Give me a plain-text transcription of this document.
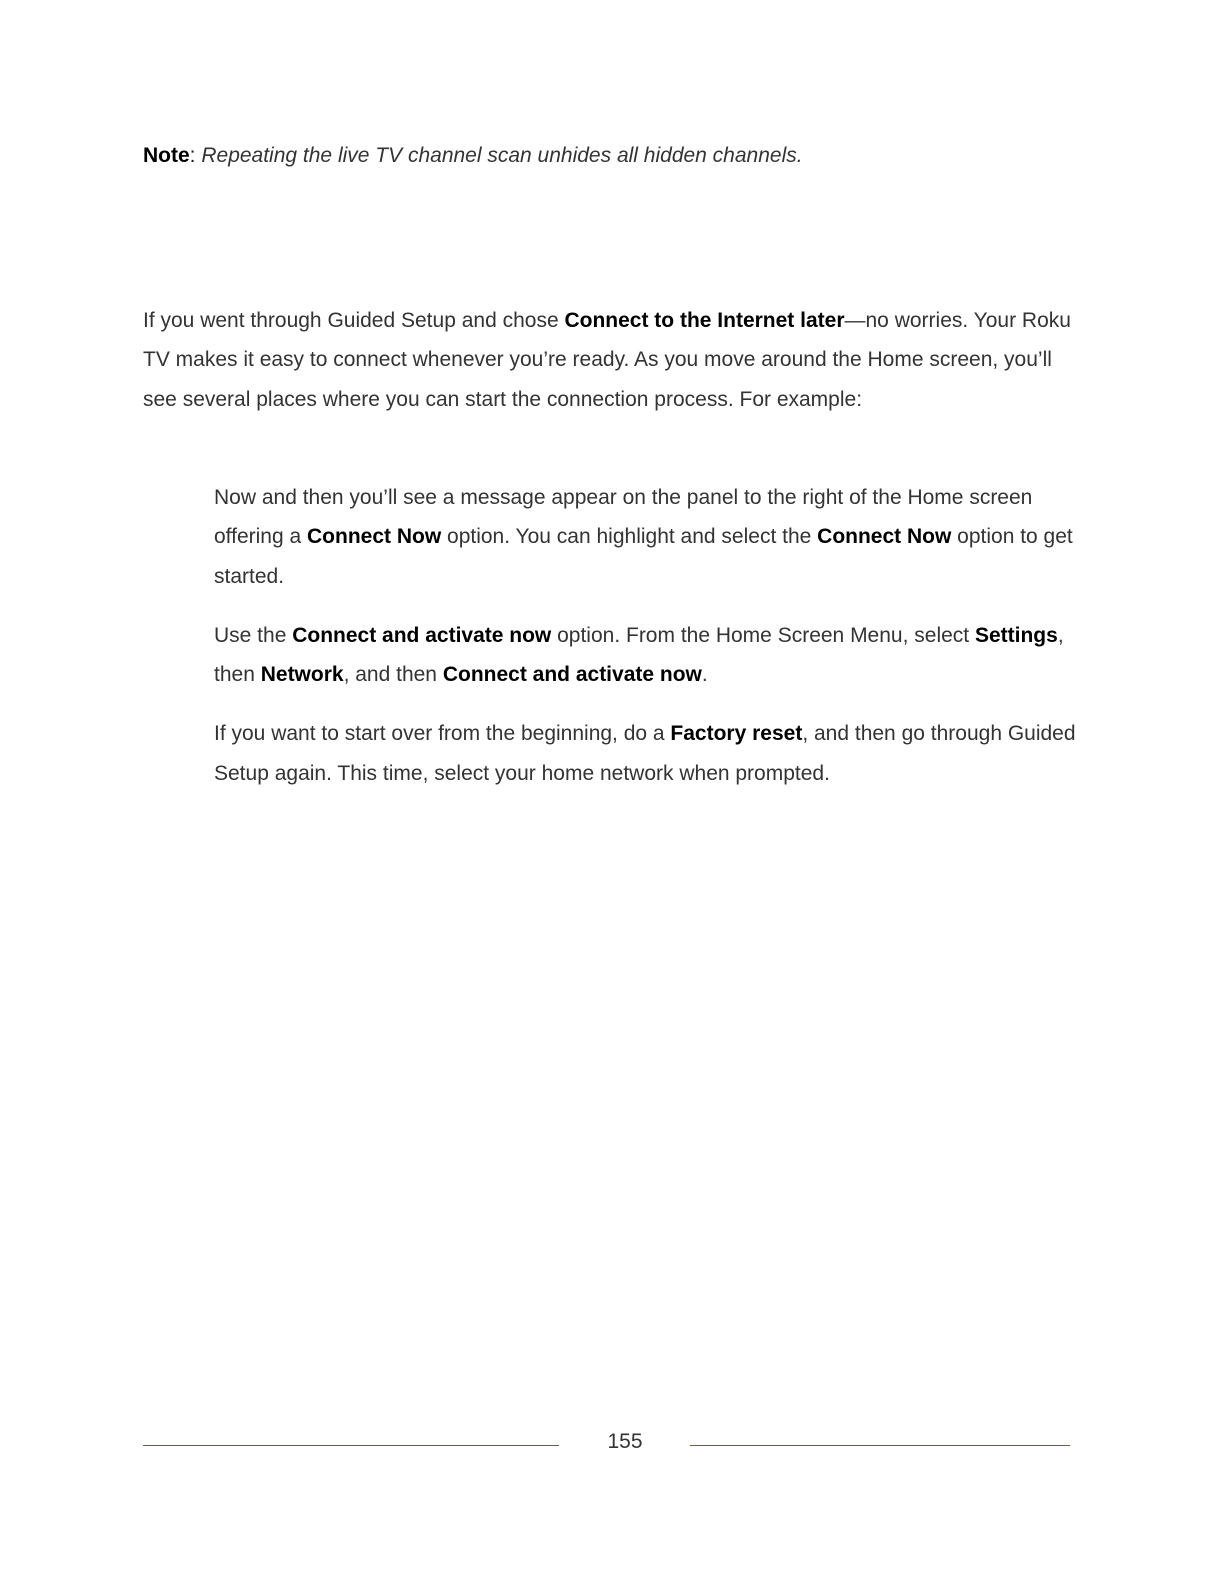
Note: Repeating the live TV channel scan unhides all hidden channels.
If you went through Guided Setup and chose Connect to the Internet later—no worries. Your Roku TV makes it easy to connect whenever you’re ready. As you move around the Home screen, you’ll see several places where you can start the connection process. For example:
Now and then you’ll see a message appear on the panel to the right of the Home screen offering a Connect Now option. You can highlight and select the Connect Now option to get started.
Use the Connect and activate now option. From the Home Screen Menu, select Settings, then Network, and then Connect and activate now.
If you want to start over from the beginning, do a Factory reset, and then go through Guided Setup again. This time, select your home network when prompted.
155
